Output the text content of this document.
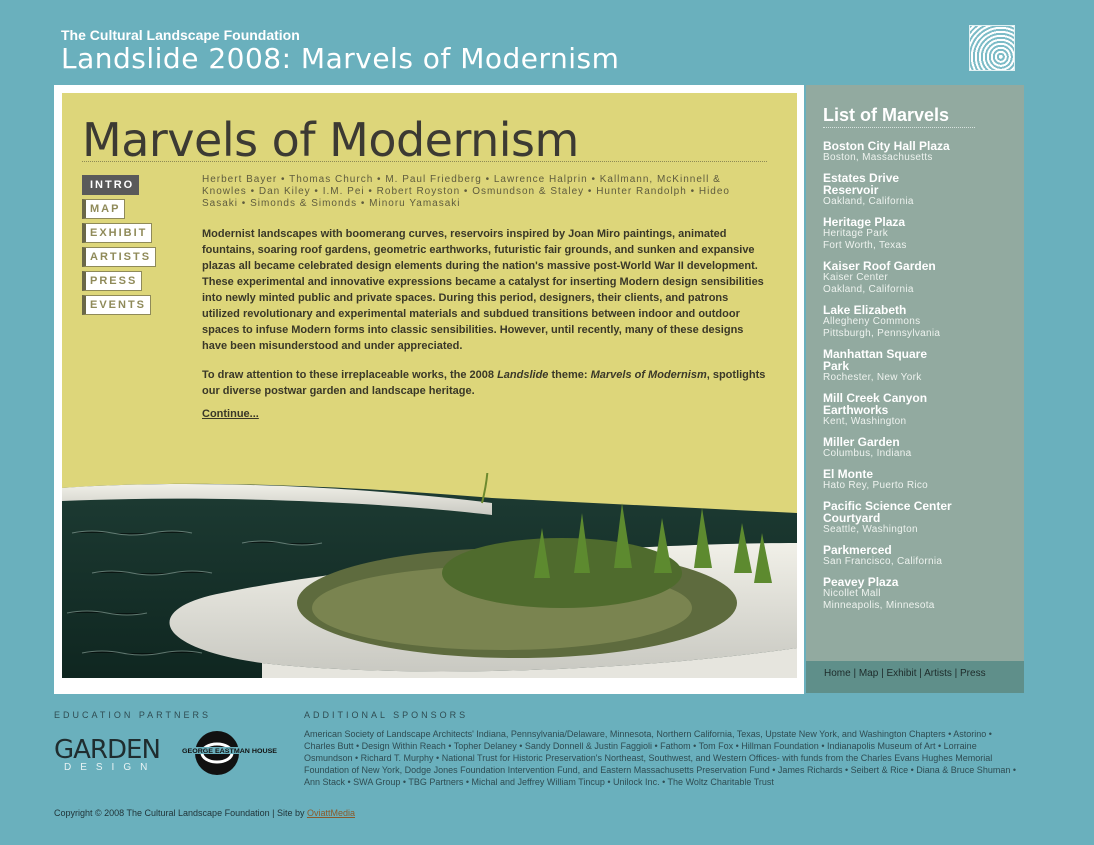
The Cultural Landscape Foundation
Landslide 2008: Marvels of Modernism
Marvels of Modernism
INTRO
MAP
EXHIBIT
ARTISTS
PRESS
EVENTS
Herbert Bayer • Thomas Church • M. Paul Friedberg • Lawrence Halprin • Kallmann, McKinnell & Knowles • Dan Kiley • I.M. Pei • Robert Royston • Osmundson & Staley • Hunter Randolph • Hideo Sasaki • Simonds & Simonds • Minoru Yamasaki
Modernist landscapes with boomerang curves, reservoirs inspired by Joan Miro paintings, animated fountains, soaring roof gardens, geometric earthworks, futuristic fair grounds, and sunken and expansive plazas all became celebrated design elements during the nation's massive post-World War II development. These experimental and innovative expressions became a catalyst for inserting Modern design sensibilities into newly minted public and private spaces. During this period, designers, their clients, and patrons utilized revolutionary and experimental materials and subdued transitions between indoor and outdoor spaces to infuse Modern forms into classic sensibilities. However, until recently, many of these designs have been misunderstood and under appreciated.
To draw attention to these irreplaceable works, the 2008 Landslide theme: Marvels of Modernism, spotlights our diverse postwar garden and landscape heritage.
Continue...
List of Marvels
Boston City Hall Plaza
Boston, Massachusetts
Estates Drive Reservoir
Oakland, California
Heritage Plaza
Heritage Park
Fort Worth, Texas
Kaiser Roof Garden
Kaiser Center
Oakland, California
Lake Elizabeth
Allegheny Commons
Pittsburgh, Pennsylvania
Manhattan Square Park
Rochester, New York
Mill Creek Canyon Earthworks
Kent, Washington
Miller Garden
Columbus, Indiana
El Monte
Hato Rey, Puerto Rico
Pacific Science Center Courtyard
Seattle, Washington
Parkmerced
San Francisco, California
Peavey Plaza
Nicollet Mall
Minneapolis, Minnesota
Home | Map | Exhibit | Artists | Press
EDUCATION PARTNERS	ADDITIONAL SPONSORS
GARDEN
DESIGN
GEORGE EASTMAN HOUSE
American Society of Landscape Architects' Indiana, Pennsylvania/Delaware, Minnesota, Northern California, Texas, Upstate New York, and Washington Chapters • Astorino • Charles Butt • Design Within Reach • Topher Delaney • Sandy Donnell & Justin Faggioli • Fathom • Tom Fox • Hillman Foundation • Indianapolis Museum of Art • Lorraine Osmundson • Richard T. Murphy • National Trust for Historic Preservation's Northeast, Southwest, and Western Offices- with funds from the Charles Evans Hughes Memorial Foundation of New York, Dodge Jones Foundation Intervention Fund, and Eastern Massachusetts Preservation Fund • James Richards • Seibert & Rice • Diana & Bruce Shuman • Ann Stack • SWA Group • TBG Partners • Michal and Jeffrey William Tincup • Unilock Inc. • The Woltz Charitable Trust
Copyright © 2008 The Cultural Landscape Foundation | Site by OviattMedia
